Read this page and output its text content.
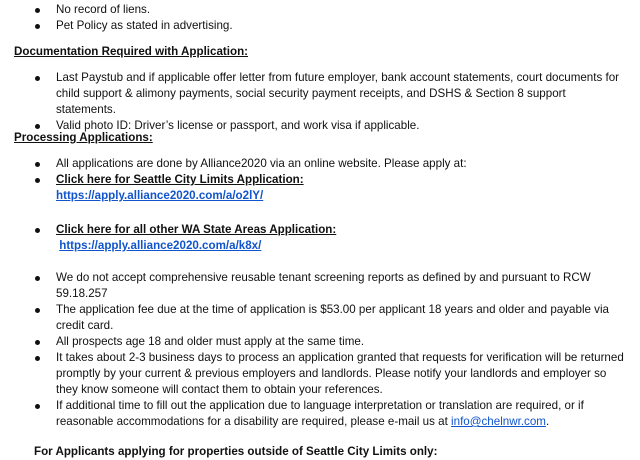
No record of liens.
Pet Policy as stated in advertising.
Documentation Required with Application:
Last Paystub and if applicable offer letter from future employer, bank account statements, court documents for child support & alimony payments, social security payment receipts, and DSHS & Section 8 support statements.
Valid photo ID: Driver’s license or passport, and work visa if applicable.
Processing Applications:
All applications are done by Alliance2020 via an online website. Please apply at:
Click here for Seattle City Limits Application:
https://apply.alliance2020.com/a/o2lY/
Click here for all other WA State Areas Application:
https://apply.alliance2020.com/a/k8x/
We do not accept comprehensive reusable tenant screening reports as defined by and pursuant to RCW 59.18.257
The application fee due at the time of application is $53.00 per applicant 18 years and older and payable via credit card.
All prospects age 18 and older must apply at the same time.
It takes about 2-3 business days to process an application granted that requests for verification will be returned promptly by your current & previous employers and landlords. Please notify your landlords and employer so they know someone will contact them to obtain your references.
If additional time to fill out the application due to language interpretation or translation are required, or if reasonable accommodations for a disability are required, please e-mail us at info@chelnwr.com.
For Applicants applying for properties outside of Seattle City Limits only:
